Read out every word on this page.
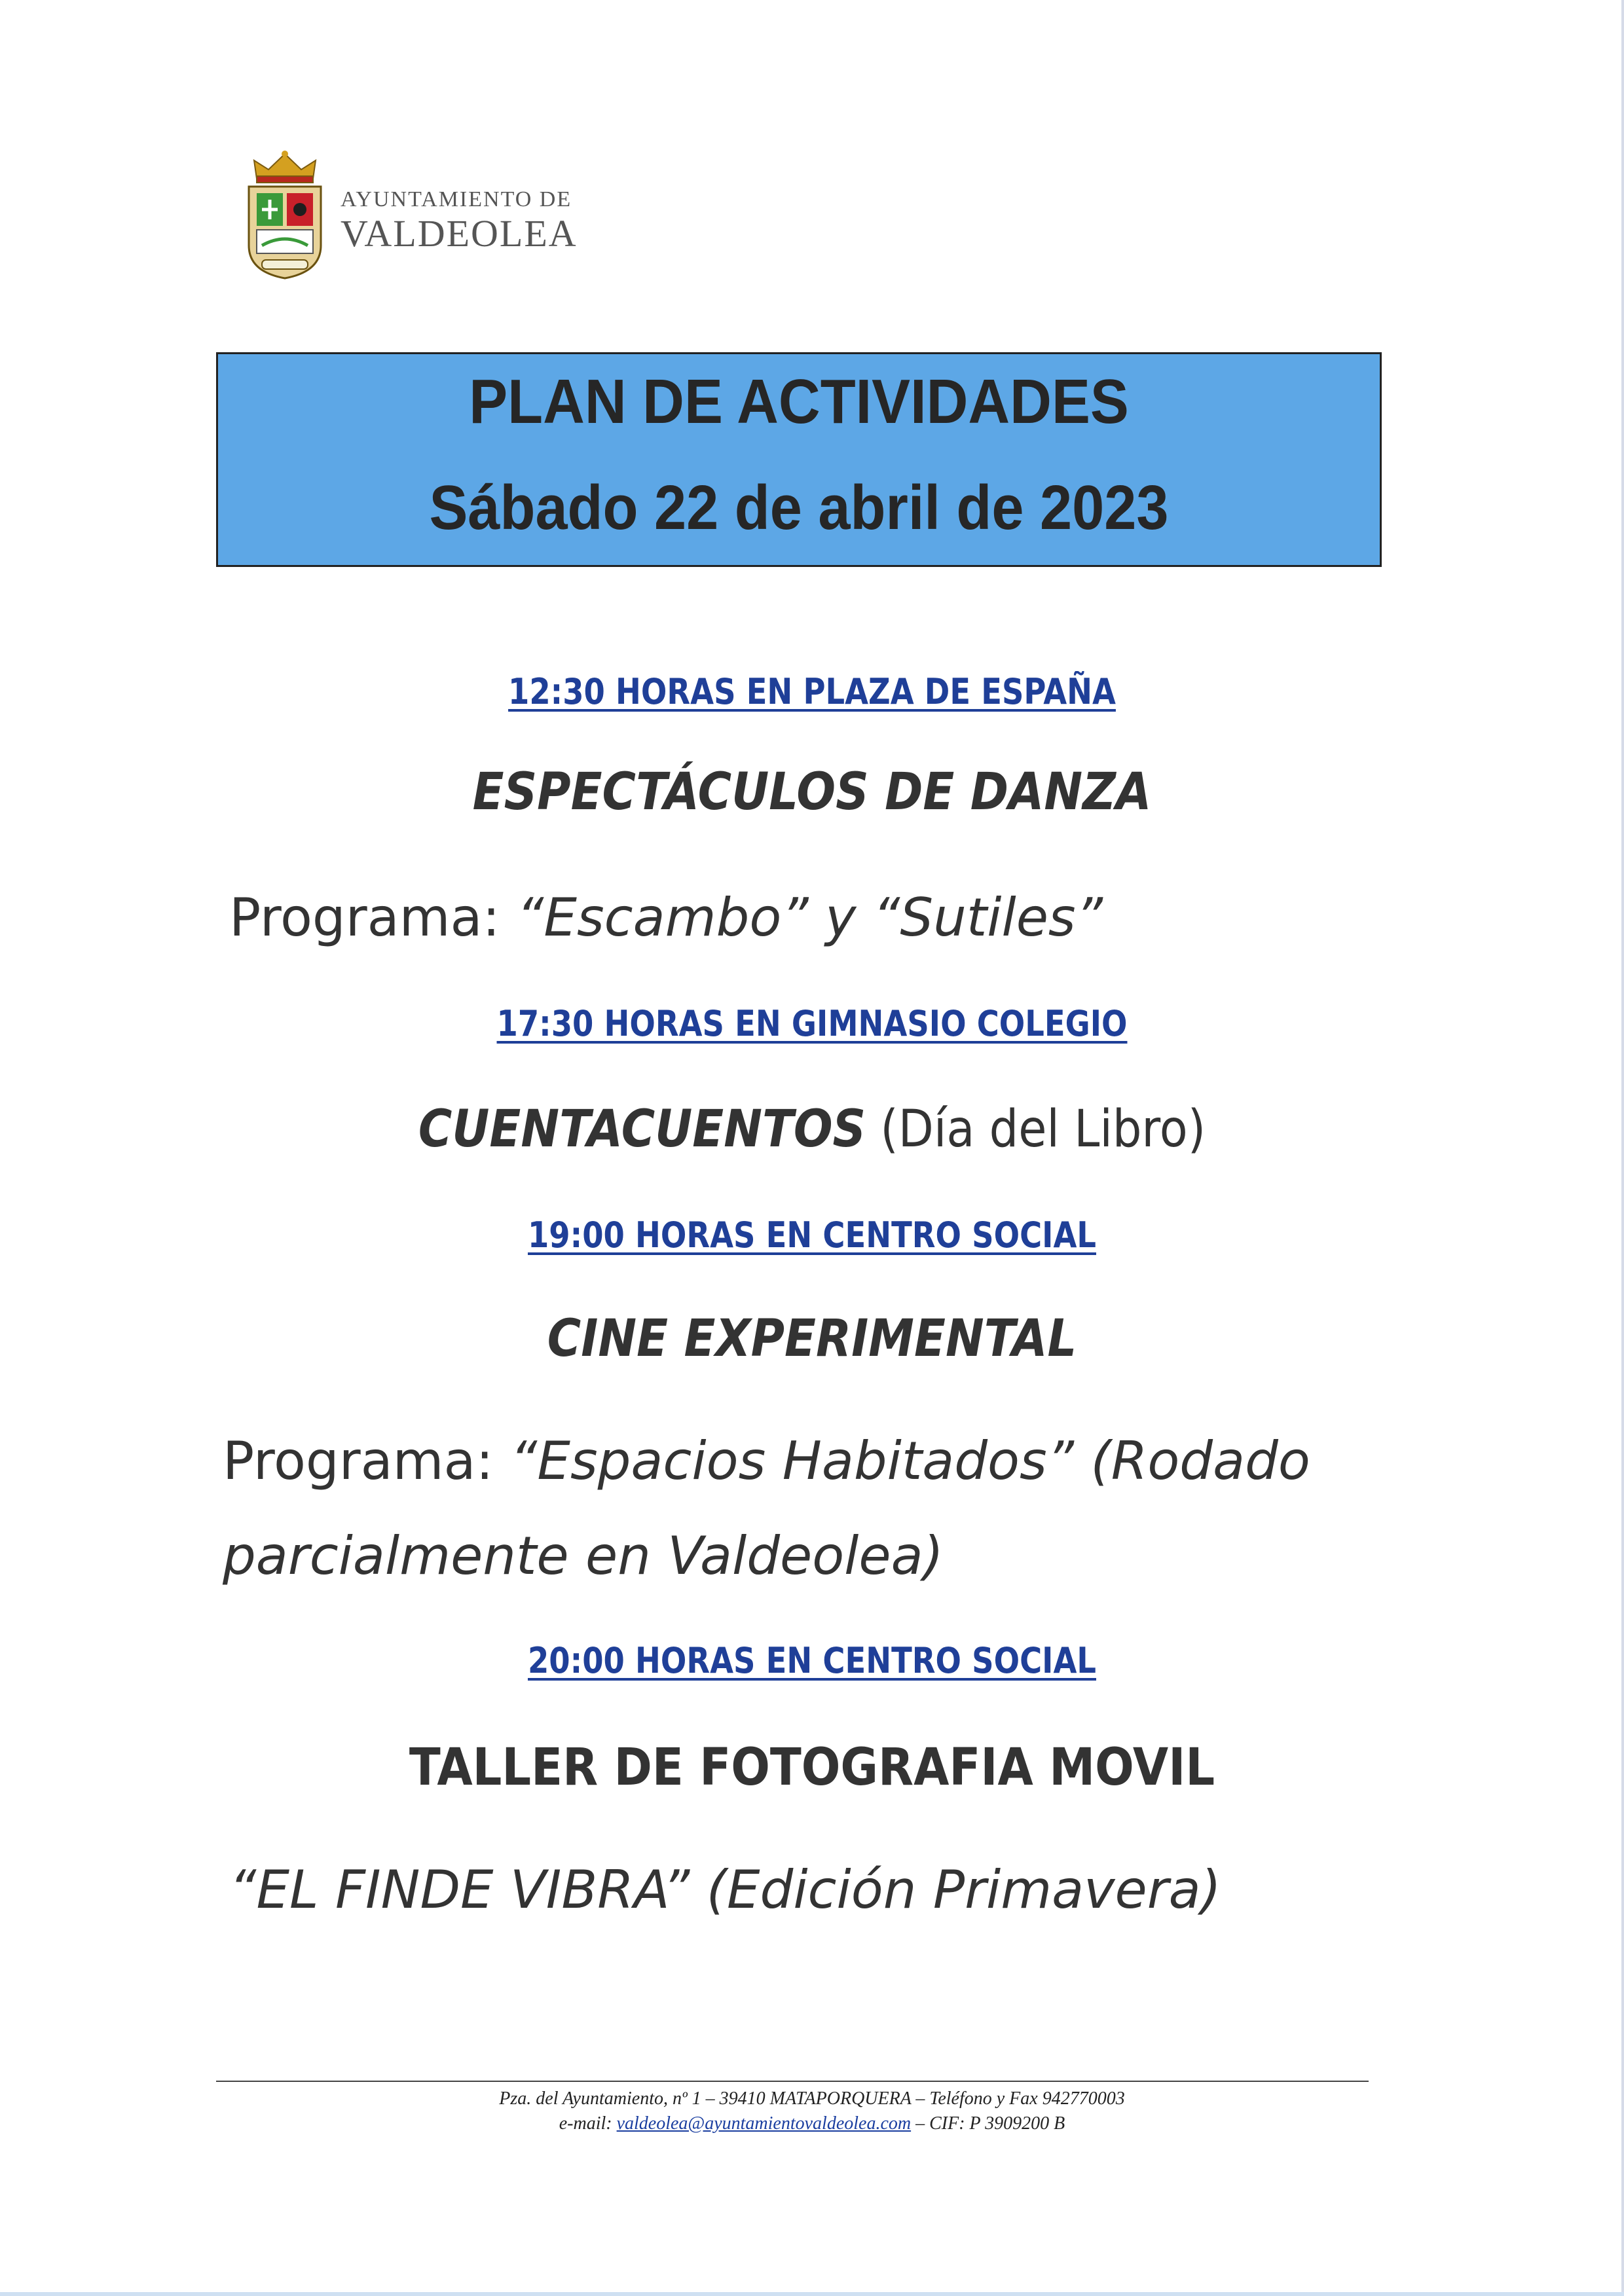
AYUNTAMIENTO DE
VALDEOLEA
PLAN DE ACTIVIDADES
Sábado 22 de abril de 2023
12:30 HORAS EN PLAZA DE ESPAÑA
ESPECTÁCULOS DE DANZA
Programa: “Escambo” y “Sutiles”
17:30 HORAS EN GIMNASIO COLEGIO
CUENTACUENTOS (Día del Libro)
19:00 HORAS EN CENTRO SOCIAL
CINE EXPERIMENTAL
Programa: “Espacios Habitados” (Rodado
parcialmente en Valdeolea)
20:00 HORAS EN CENTRO SOCIAL
TALLER DE FOTOGRAFIA MOVIL
“EL FINDE VIBRA” (Edición Primavera)
Pza. del Ayuntamiento, nº 1 – 39410 MATAPORQUERA – Teléfono y Fax 942770003
e-mail: valdeolea@ayuntamientovaldeolea.com – CIF: P 3909200 B
